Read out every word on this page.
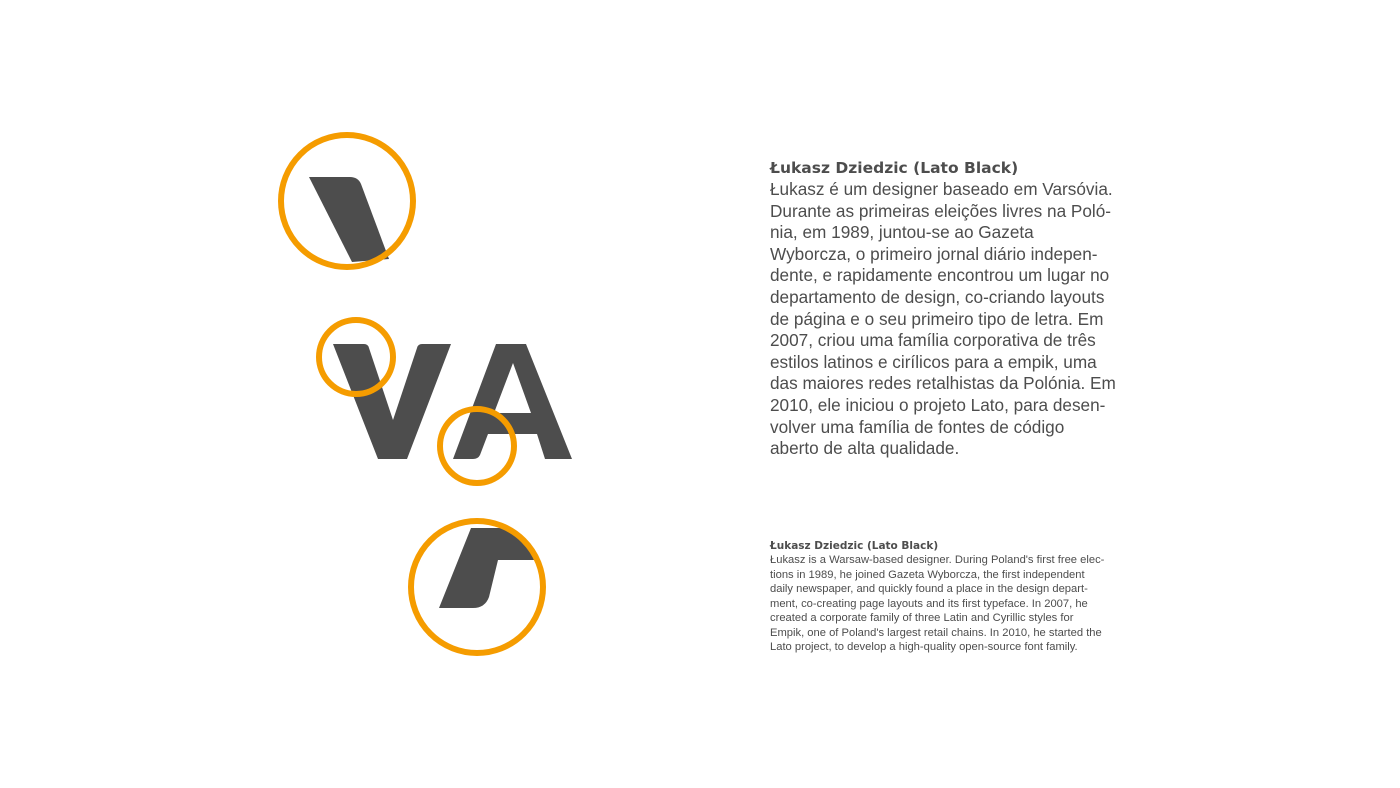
Łukasz Dziedzic (Lato Black)
Łukasz é um designer baseado em Varsóvia.
Durante as primeiras eleições livres na Poló-
nia, em 1989, juntou-se ao Gazeta
Wyborcza, o primeiro jornal diário indepen-
dente, e rapidamente encontrou um lugar no
departamento de design, co-criando layouts
de página e o seu primeiro tipo de letra. Em
2007, criou uma família corporativa de três
estilos latinos e cirílicos para a empik, uma
das maiores redes retalhistas da Polónia. Em
2010, ele iniciou o projeto Lato, para desen-
volver uma família de fontes de código
aberto de alta qualidade.
Łukasz Dziedzic (Lato Black)
Łukasz is a Warsaw-based designer. During Poland's first free elec-
tions in 1989, he joined Gazeta Wyborcza, the first independent
daily newspaper, and quickly found a place in the design depart-
ment, co-creating page layouts and its first typeface. In 2007, he
created a corporate family of three Latin and Cyrillic styles for
Empik, one of Poland's largest retail chains. In 2010, he started the
Lato project, to develop a high-quality open-source font family.
